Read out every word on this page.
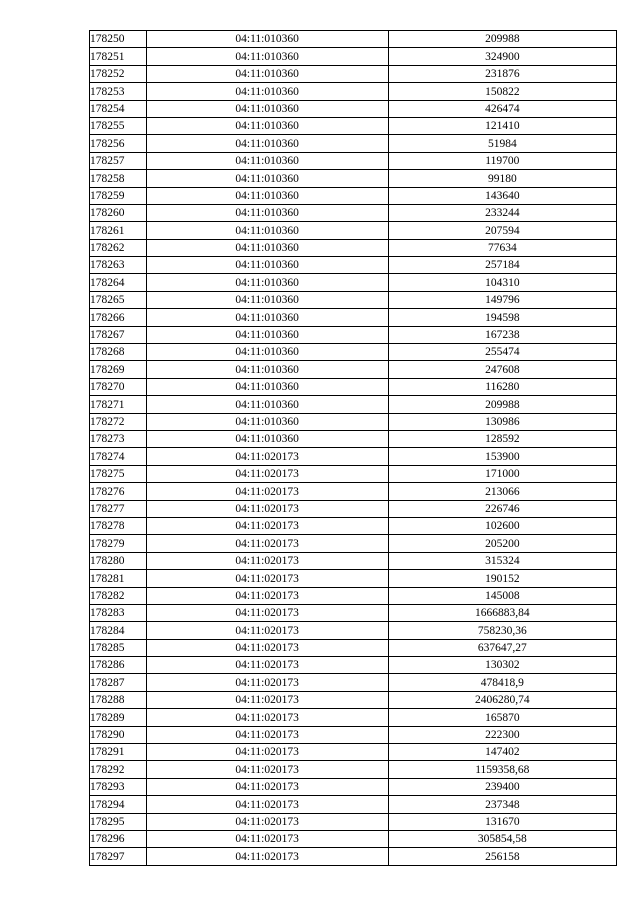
178250	04:11:010360	209988
178251	04:11:010360	324900
178252	04:11:010360	231876
178253	04:11:010360	150822
178254	04:11:010360	426474
178255	04:11:010360	121410
178256	04:11:010360	51984
178257	04:11:010360	119700
178258	04:11:010360	99180
178259	04:11:010360	143640
178260	04:11:010360	233244
178261	04:11:010360	207594
178262	04:11:010360	77634
178263	04:11:010360	257184
178264	04:11:010360	104310
178265	04:11:010360	149796
178266	04:11:010360	194598
178267	04:11:010360	167238
178268	04:11:010360	255474
178269	04:11:010360	247608
178270	04:11:010360	116280
178271	04:11:010360	209988
178272	04:11:010360	130986
178273	04:11:010360	128592
178274	04:11:020173	153900
178275	04:11:020173	171000
178276	04:11:020173	213066
178277	04:11:020173	226746
178278	04:11:020173	102600
178279	04:11:020173	205200
178280	04:11:020173	315324
178281	04:11:020173	190152
178282	04:11:020173	145008
178283	04:11:020173	1666883,84
178284	04:11:020173	758230,36
178285	04:11:020173	637647,27
178286	04:11:020173	130302
178287	04:11:020173	478418,9
178288	04:11:020173	2406280,74
178289	04:11:020173	165870
178290	04:11:020173	222300
178291	04:11:020173	147402
178292	04:11:020173	1159358,68
178293	04:11:020173	239400
178294	04:11:020173	237348
178295	04:11:020173	131670
178296	04:11:020173	305854,58
178297	04:11:020173	256158
